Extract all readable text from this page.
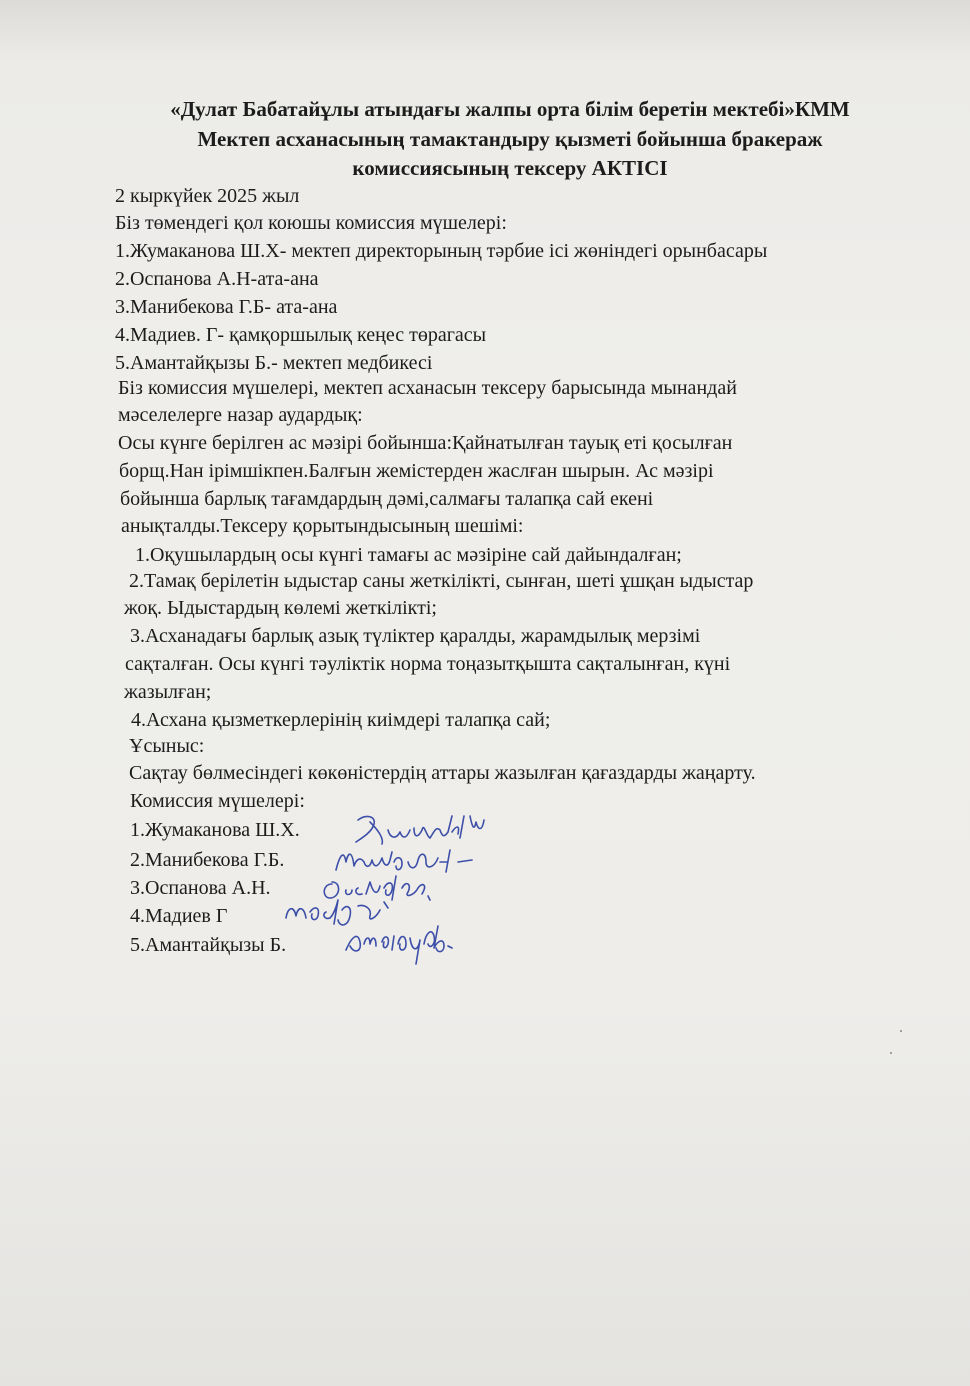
«Дулат Бабатайұлы атындағы жалпы орта білім беретін мектебі»КММ
Мектеп асханасының тамактандыру қызметі бойынша бракераж
комиссиясының тексеру АКТІСІ
2 кыркүйек 2025 жыл
Біз төмендегі қол коюшы комиссия мүшелері:
1.Жумаканова Ш.Х- мектеп директорының тәрбие ісі жөніндегі орынбасары
2.Оспанова А.Н-ата-ана
3.Манибекова Г.Б- ата-ана
4.Мадиев. Г- қамқоршылық кеңес төрагасы
5.Амантайқызы Б.- мектеп медбикесі
Біз комиссия мүшелері, мектеп асханасын тексеру барысында мынандай
мәселелерге назар аудардық:
Осы күнге берілген ас мәзірі бойынша:Қайнатылған тауық еті қосылған
борщ.Нан ірімшікпен.Балғын жемістерден жаслған шырын. Ас мәзірі
бойынша барлық тағамдардың дәмі,салмағы талапқа сай екені
анықталды.Тексеру қорытындысының шешімі:
1.Оқушылардың осы күнгі тамағы ас мәзіріне сай дайындалған;
2.Тамақ берілетін ыдыстар саны жеткілікті, сынған, шеті ұшқан ыдыстар
жоқ. Ыдыстардың көлемі жеткілікті;
3.Асханадағы барлық азық түліктер қаралды, жарамдылық мерзімі
сақталған. Осы күнгі тәуліктік норма тоңазытқышта сақталынған, күні
жазылған;
4.Асхана қызметкерлерінің киімдері талапқа сай;
Ұсыныс:
Сақтау бөлмесіндегі көкөністердің аттары жазылған қағаздарды жаңарту.
Комиссия мүшелері:
1.Жумаканова Ш.Х.
2.Манибекова Г.Б.
3.Оспанова А.Н.
4.Мадиев Г
5.Амантайқызы Б.
